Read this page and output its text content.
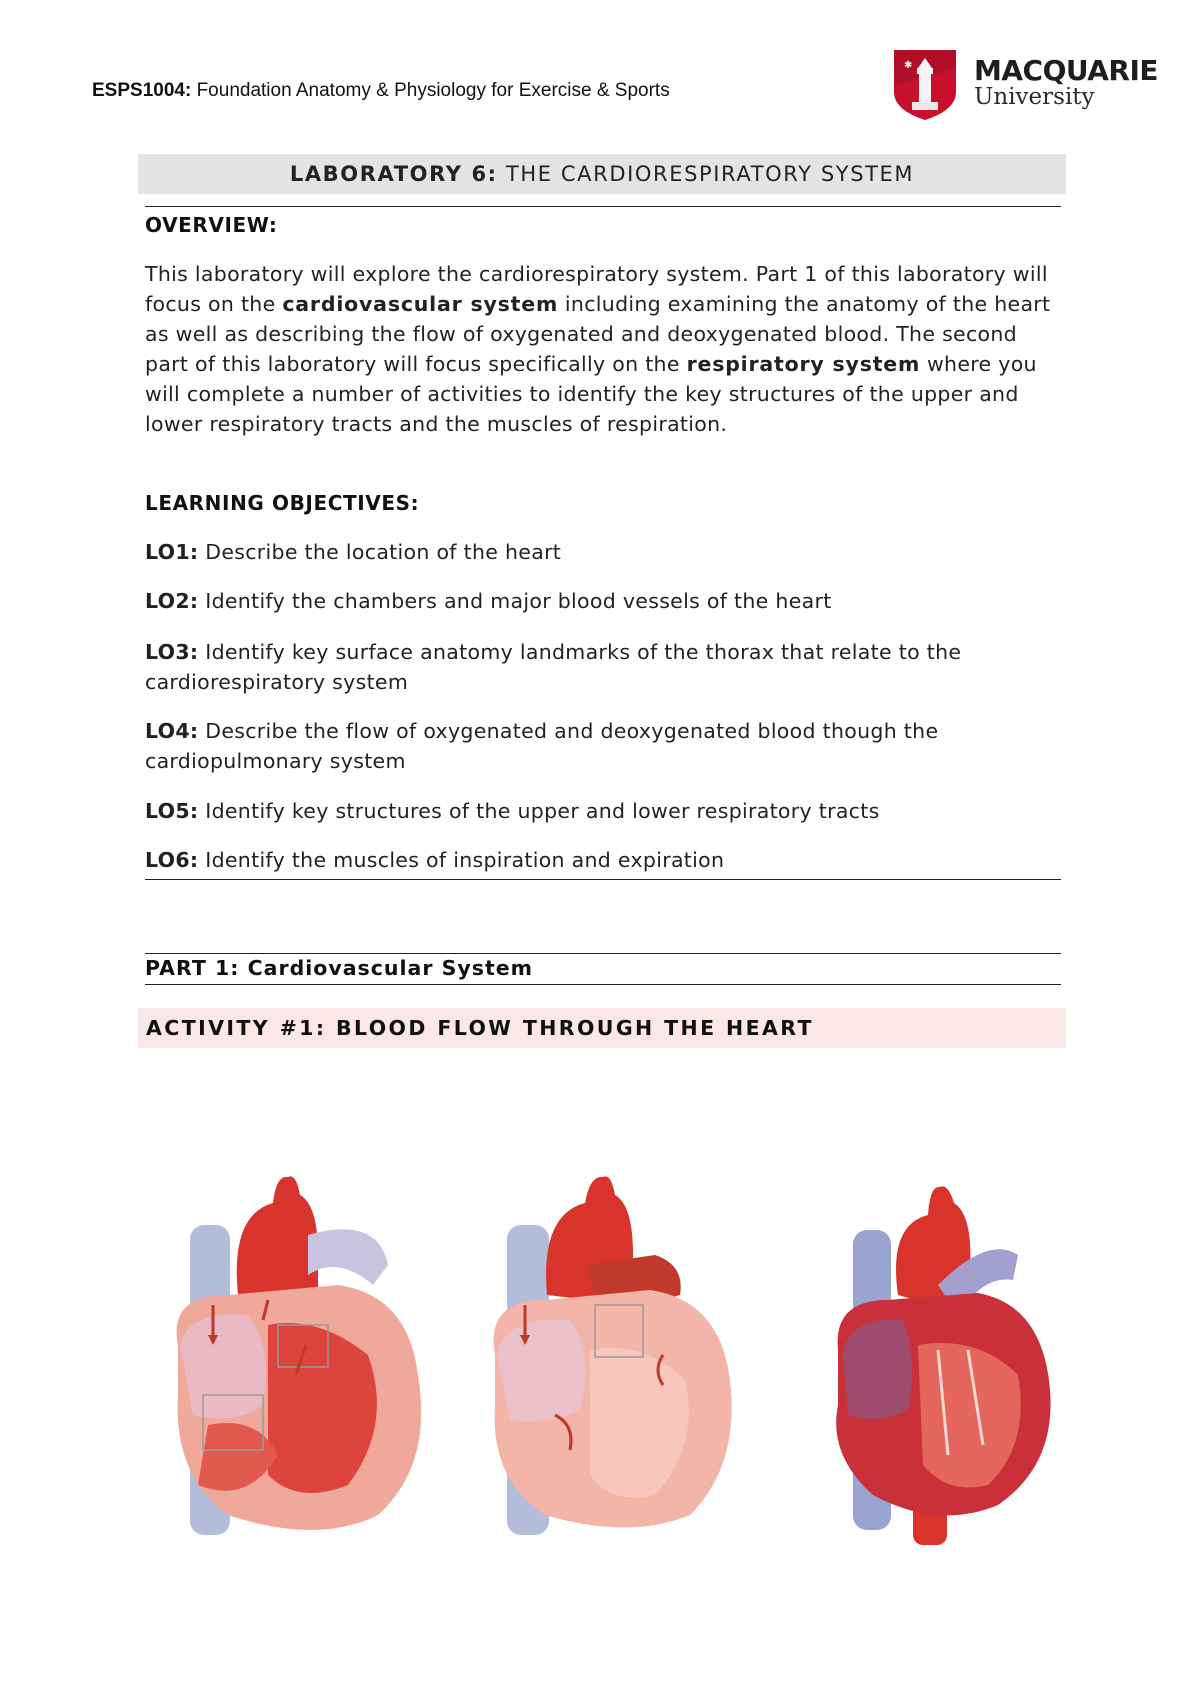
ESPS1004: Foundation Anatomy & Physiology for Exercise & Sports
✱ MACQUARIE
University
LABORATORY 6: THE CARDIORESPIRATORY SYSTEM
OVERVIEW:
This laboratory will explore the cardiorespiratory system. Part 1 of this laboratory will focus on the cardiovascular system including examining the anatomy of the heart as well as describing the flow of oxygenated and deoxygenated blood. The second part of this laboratory will focus specifically on the respiratory system where you will complete a number of activities to identify the key structures of the upper and lower respiratory tracts and the muscles of respiration.
LEARNING OBJECTIVES:
LO1: Describe the location of the heart
LO2: Identify the chambers and major blood vessels of the heart
LO3: Identify key surface anatomy landmarks of the thorax that relate to the cardiorespiratory system
LO4: Describe the flow of oxygenated and deoxygenated blood though the cardiopulmonary system
LO5: Identify key structures of the upper and lower respiratory tracts
LO6: Identify the muscles of inspiration and expiration
PART 1: Cardiovascular System
ACTIVITY #1: BLOOD FLOW THROUGH THE HEART
